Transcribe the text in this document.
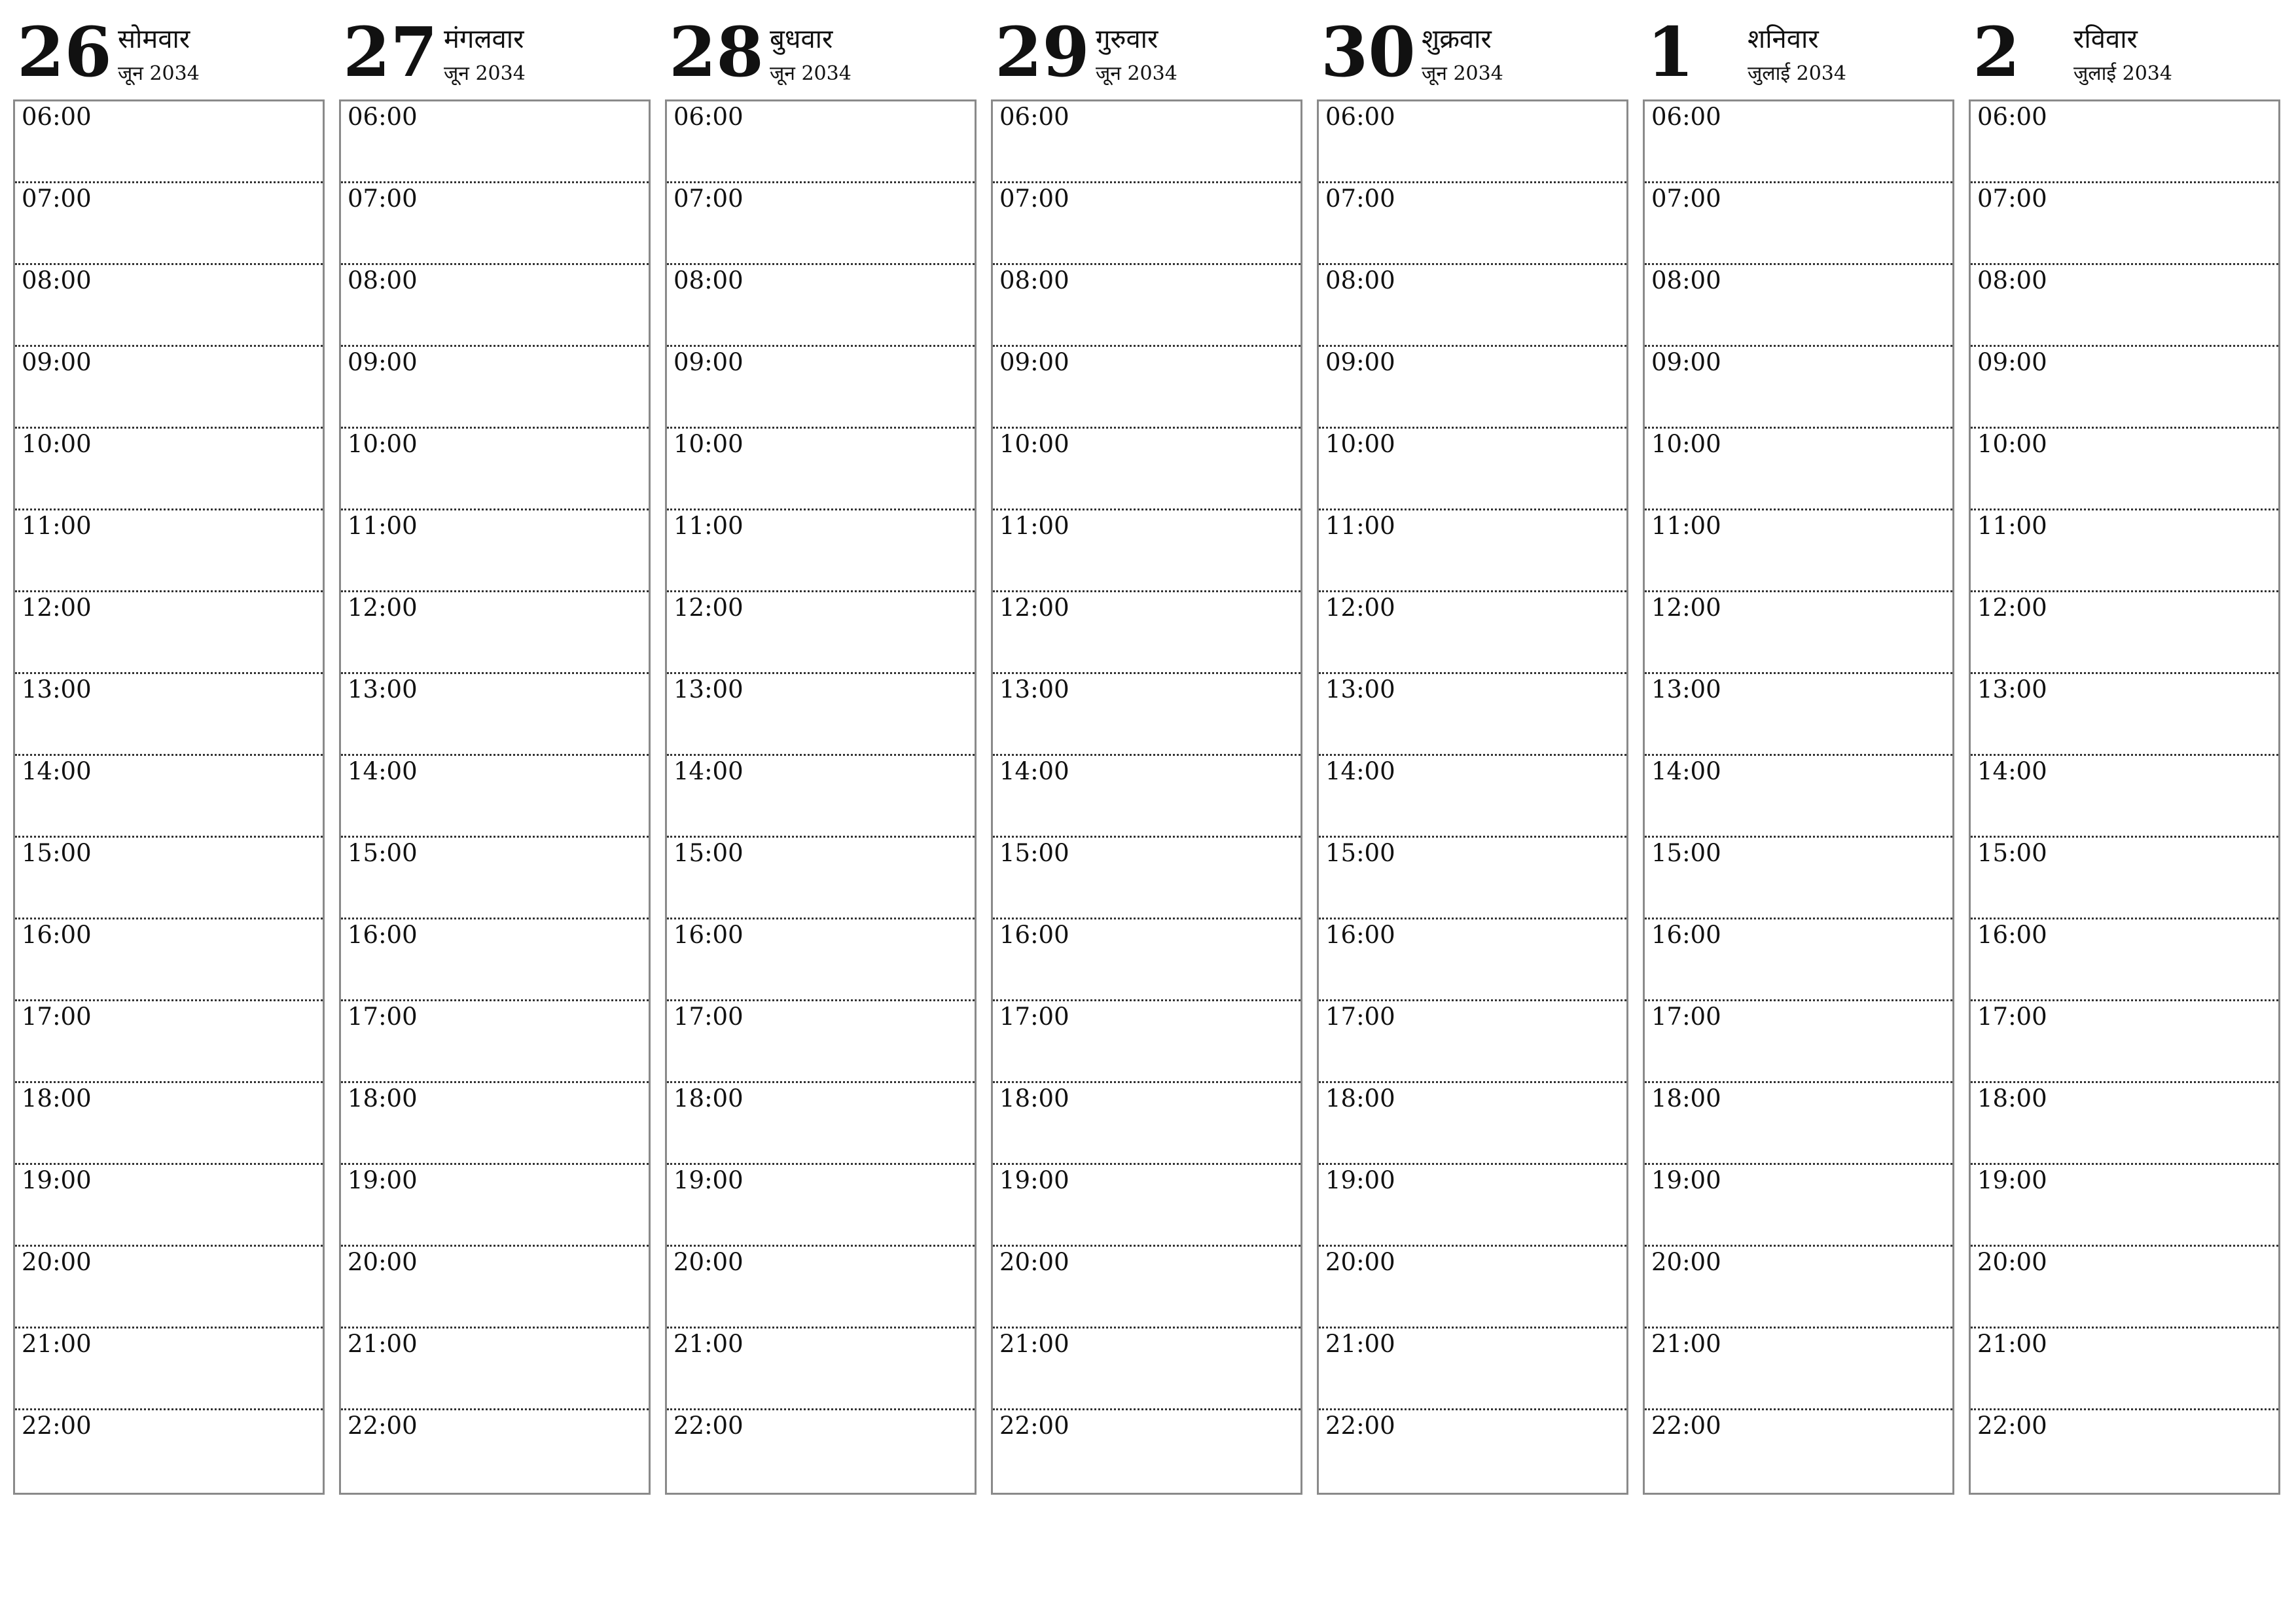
26 सोमवार
जून 2034
06:00
07:00
08:00
09:00
10:00
11:00
12:00
13:00
14:00
15:00
16:00
17:00
18:00
19:00
20:00
21:00
22:00
27 मंगलवार
जून 2034
06:00
07:00
08:00
09:00
10:00
11:00
12:00
13:00
14:00
15:00
16:00
17:00
18:00
19:00
20:00
21:00
22:00
28 बुधवार
जून 2034
06:00
07:00
08:00
09:00
10:00
11:00
12:00
13:00
14:00
15:00
16:00
17:00
18:00
19:00
20:00
21:00
22:00
29 गुरुवार
जून 2034
06:00
07:00
08:00
09:00
10:00
11:00
12:00
13:00
14:00
15:00
16:00
17:00
18:00
19:00
20:00
21:00
22:00
30 शुक्रवार
जून 2034
06:00
07:00
08:00
09:00
10:00
11:00
12:00
13:00
14:00
15:00
16:00
17:00
18:00
19:00
20:00
21:00
22:00
1 शनिवार
जुलाई 2034
06:00
07:00
08:00
09:00
10:00
11:00
12:00
13:00
14:00
15:00
16:00
17:00
18:00
19:00
20:00
21:00
22:00
2 रविवार
जुलाई 2034
06:00
07:00
08:00
09:00
10:00
11:00
12:00
13:00
14:00
15:00
16:00
17:00
18:00
19:00
20:00
21:00
22:00
